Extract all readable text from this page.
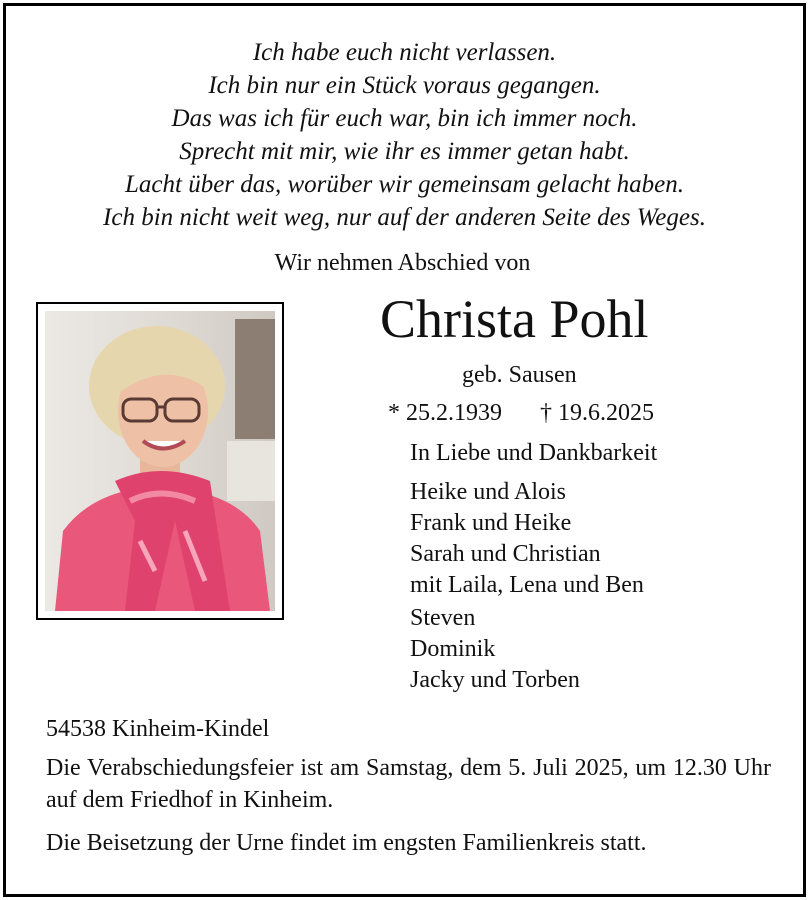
Ich habe euch nicht verlassen.
Ich bin nur ein Stück voraus gegangen.
Das was ich für euch war, bin ich immer noch.
Sprecht mit mir, wie ihr es immer getan habt.
Lacht über das, worüber wir gemeinsam gelacht haben.
Ich bin nicht weit weg, nur auf der anderen Seite des Weges.
Wir nehmen Abschied von
Christa Pohl
geb. Sausen
* 25.2.1939 † 19.6.2025
In Liebe und Dankbarkeit
Heike und Alois
Frank und Heike
Sarah und Christian
mit Laila, Lena und Ben
Steven
Dominik
Jacky und Torben
54538 Kinheim-Kindel
Die Verabschiedungsfeier ist am Samstag, dem 5. Juli 2025, um 12.30 Uhr auf dem Friedhof in Kinheim.
Die Beisetzung der Urne findet im engsten Familienkreis statt.
